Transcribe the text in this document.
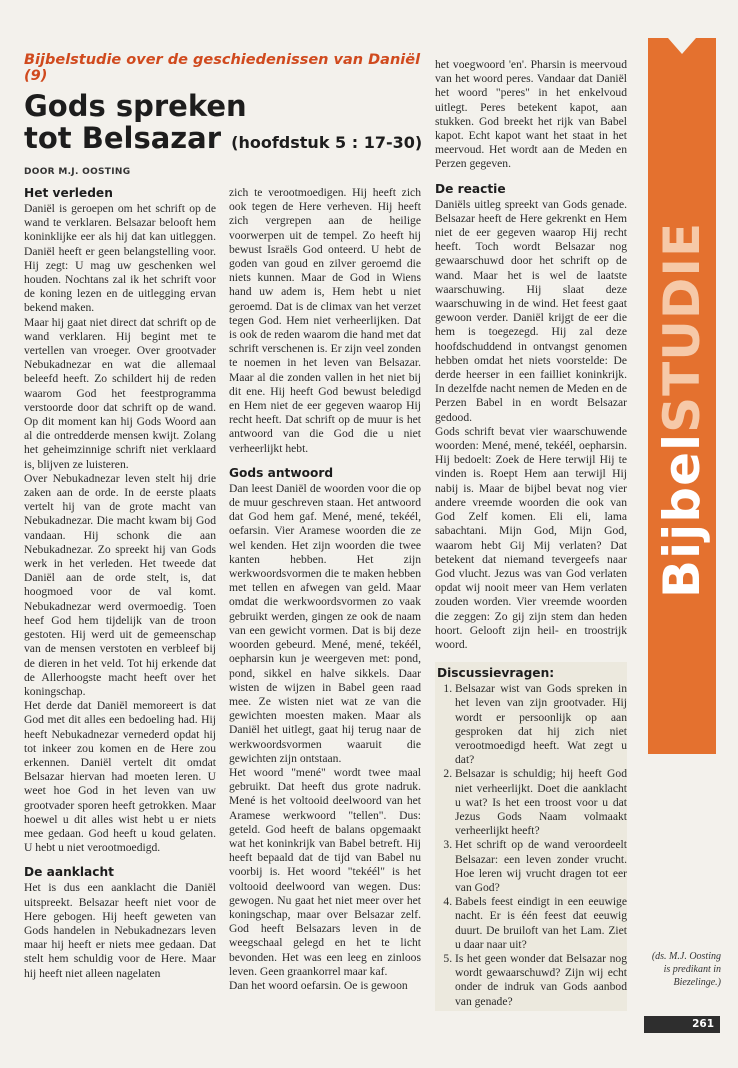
Bijbelstudie over de geschiedenissen van Daniël (9)

Gods spreken
tot Belsazar (hoofdstuk 5 : 17-30)
DOOR M.J. OOSTING
Het verleden

Daniël is geroepen om het schrift op de wand te verklaren. Belsazar belooft hem koninklijke eer als hij dat kan uitleggen. Daniël heeft er geen belangstelling voor. Hij zegt: U mag uw geschenken wel houden. Nochtans zal ik het schrift voor de koning lezen en de uitlegging ervan bekend maken.

Maar hij gaat niet direct dat schrift op de wand verklaren. Hij begint met te vertellen van vroeger. Over grootvader Nebukadnezar en wat die allemaal beleefd heeft. Zo schildert hij de reden waarom God het feestprogramma verstoorde door dat schrift op de wand. Op dit moment kan hij Gods Woord aan al die ontredderde mensen kwijt. Zolang het geheimzinnige schrift niet verklaard is, blijven ze luisteren.

Over Nebukadnezar leven stelt hij drie zaken aan de orde. In de eerste plaats vertelt hij van de grote macht van Nebukadnezar. Die macht kwam bij God vandaan. Hij schonk die aan Nebukadnezar. Zo spreekt hij van Gods werk in het verleden. Het tweede dat Daniël aan de orde stelt, is, dat hoogmoed voor de val komt. Nebukadnezar werd overmoedig. Toen heef God hem tijdelijk van de troon gestoten. Hij werd uit de gemeenschap van de mensen verstoten en verbleef bij de dieren in het veld. Tot hij erkende dat de Allerhoogste macht heeft over het koningschap.

Het derde dat Daniël memoreert is dat God met dit alles een bedoeling had. Hij heeft Nebukadnezar vernederd opdat hij tot inkeer zou komen en de Here zou erkennen. Daniël vertelt dit omdat Belsazar hiervan had moeten leren. U weet hoe God in het leven van uw grootvader sporen heeft getrokken. Maar hoewel u dit alles wist hebt u er niets mee gedaan. God heeft u koud gelaten. U hebt u niet verootmoedigd.

De aanklacht

Het is dus een aanklacht die Daniël uitspreekt. Belsazar heeft niet voor de Here gebogen. Hij heeft geweten van Gods handelen in Nebukadnezars leven maar hij heeft er niets mee gedaan. Dat stelt hem schuldig voor de Here. Maar hij heeft niet alleen nagelaten

zich te verootmoedigen. Hij heeft zich ook tegen de Here verheven. Hij heeft zich vergrepen aan de heilige voorwerpen uit de tempel. Zo heeft hij bewust Israëls God onteerd. U hebt de goden van goud en zilver geroemd die niets kunnen. Maar de God in Wiens hand uw adem is, Hem hebt u niet geroemd. Dat is de climax van het verzet tegen God. Hem niet verheerlijken. Dat is ook de reden waarom die hand met dat schrift verschenen is. Er zijn veel zonden te noemen in het leven van Belsazar. Maar al die zonden vallen in het niet bij dit ene. Hij heeft God bewust beledigd en Hem niet de eer gegeven waarop Hij recht heeft. Dat schrift op de muur is het antwoord van die God die u niet verheerlijkt hebt.

Gods antwoord

Dan leest Daniël de woorden voor die op de muur geschreven staan. Het antwoord dat God hem gaf. Mené, mené, tekéél, oefarsin. Vier Aramese woorden die ze wel kenden. Het zijn woorden die twee kanten hebben. Het zijn werkwoordsvormen die te maken hebben met tellen en afwegen van geld. Maar omdat die werkwoordsvormen zo vaak gebruikt werden, gingen ze ook de naam van een gewicht vormen. Dat is bij deze woorden gebeurd. Mené, mené, tekéél, oepharsin kun je weergeven met: pond, pond, sikkel en halve sikkels. Daar wisten de wijzen in Babel geen raad mee. Ze wisten niet wat ze van die gewichten moesten maken. Maar als Daniël het uitlegt, gaat hij terug naar de werkwoordsvormen waaruit die gewichten zijn ontstaan.

Het woord "mené" wordt twee maal gebruikt. Dat heeft dus grote nadruk. Mené is het voltooid deelwoord van het Aramese werkwoord "tellen". Dus: geteld. God heeft de balans opgemaakt wat het koninkrijk van Babel betreft. Hij heeft bepaald dat de tijd van Babel nu voorbij is. Het woord "tekéél" is het voltooid deelwoord van wegen. Dus: gewogen. Nu gaat het niet meer over het koningschap, maar over Belsazar zelf. God heeft Belsazars leven in de weegschaal gelegd en het te licht bevonden. Het was een leeg en zinloos leven. Geen graankorrel maar kaf.

Dan het woord oefarsin. Oe is gewoon

het voegwoord 'en'. Pharsin is meervoud van het woord peres. Vandaar dat Daniël het woord "peres" in het enkelvoud uitlegt. Peres betekent kapot, aan stukken. God breekt het rijk van Babel kapot. Echt kapot want het staat in het meervoud. Het wordt aan de Meden en Perzen gegeven.

De reactie

Daniëls uitleg spreekt van Gods genade. Belsazar heeft de Here gekrenkt en Hem niet de eer gegeven waarop Hij recht heeft. Toch wordt Belsazar nog gewaarschuwd door het schrift op de wand. Maar het is wel de laatste waarschuwing. Hij slaat deze waarschuwing in de wind. Het feest gaat gewoon verder. Daniël krijgt de eer die hem is toegezegd. Hij zal deze hoofdschuddend in ontvangst genomen hebben omdat het niets voorstelde: De derde heerser in een failliet koninkrijk. In dezelfde nacht nemen de Meden en de Perzen Babel in en wordt Belsazar gedood.

Gods schrift bevat vier waarschuwende woorden: Mené, mené, tekéél, oepharsin. Hij bedoelt: Zoek de Here terwijl Hij te vinden is. Roept Hem aan terwijl Hij nabij is. Maar de bijbel bevat nog vier andere vreemde woorden die ook van God Zelf komen. Eli eli, lama sabachtani. Mijn God, Mijn God, waarom hebt Gij Mij verlaten? Dat betekent dat niemand tevergeefs naar God vlucht. Jezus was van God verlaten opdat wij nooit meer van Hem verlaten zouden worden. Vier vreemde woorden die zeggen: Zo gij zijn stem dan heden hoort. Gelooft zijn heil- en troostrijk woord.

Discussievragen:
1. Belsazar wist van Gods spreken in het leven van zijn grootvader. Hij wordt er persoonlijk op aan gesproken dat hij zich niet verootmoedigd heeft. Wat zegt u dat?
2. Belsazar is schuldig; hij heeft God niet verheerlijkt. Doet die aanklacht u wat? Is het een troost voor u dat Jezus Gods Naam volmaakt verheerlijkt heeft?
3. Het schrift op de wand veroordeelt Belsazar: een leven zonder vrucht. Hoe leren wij vrucht dragen tot eer van God?
4. Babels feest eindigt in een eeuwige nacht. Er is één feest dat eeuwig duurt. De bruiloft van het Lam. Ziet u daar naar uit?
5. Is het geen wonder dat Belsazar nog wordt gewaarschuwd? Zijn wij echt onder de indruk van Gods aanbod van genade?
BijbelSTUDIE
(ds. M.J. Oosting
is predikant in
Biezelinge.)
261
